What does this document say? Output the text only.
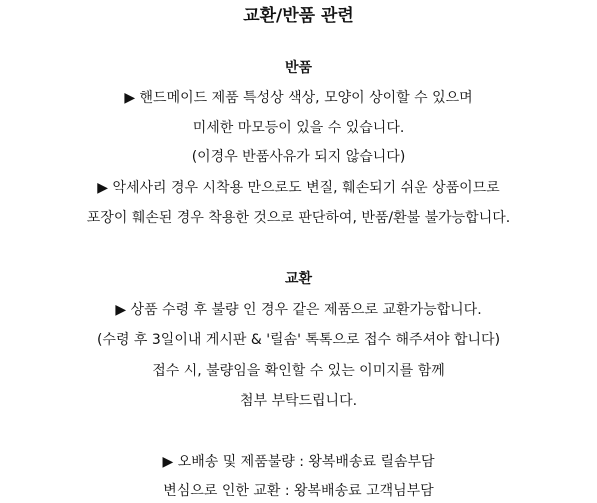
교환/반품 관련
반품
▶ 핸드메이드 제품 특성상 색상, 모양이 상이할 수 있으며
미세한 마모등이 있을 수 있습니다.
(이경우 반품사유가 되지 않습니다)
▶ 악세사리 경우 시착용 만으로도 변질, 훼손되기 쉬운 상품이므로
포장이 훼손된 경우 착용한 것으로 판단하여, 반품/환불 불가능합니다.
교환
▶ 상품 수령 후 불량 인 경우 같은 제품으로 교환가능합니다.
(수령 후 3일이내 게시판 & '릴솜' 톡톡으로 접수 해주셔야 합니다)
접수 시, 불량임을 확인할 수 있는 이미지를 함께
첨부 부탁드립니다.
▶ 오배송 및 제품불량 : 왕복배송료 릴솜부담
변심으로 인한 교환 : 왕복배송료 고객님부담
